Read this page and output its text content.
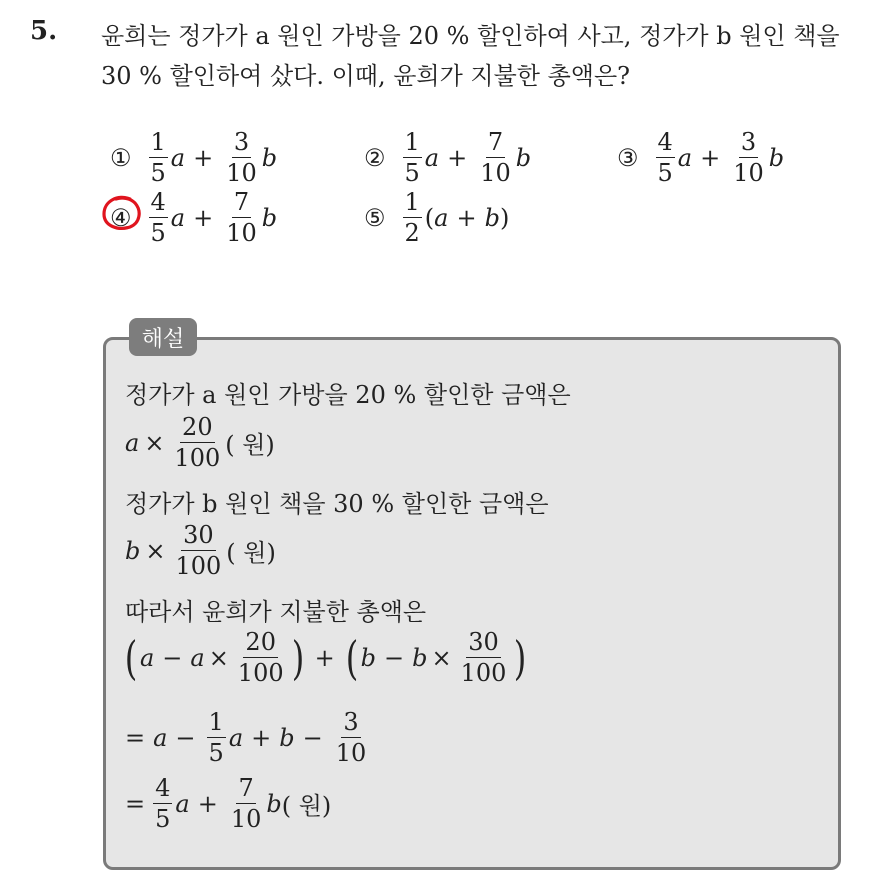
5. 윤희는 정가가 a 원인 가방을 20 % 할인하여 사고, 정가가 b 원인 책을
30 % 할인하여 샀다. 이때, 윤희가 지불한 총액은?
① $\frac{1}{5}$ $a + \frac{3}{10}$ b	② $\frac{1}{5}$ $a + \frac{7}{10}$ b	③ $\frac{4}{5}$ $a + \frac{3}{10}$ b
④ $\frac{4}{5}$ $a + \frac{7}{10}$ b	⑤ $\frac{1}{2} (a + b)$
해설
정가가 a 원인 가방을 20 % 할인한 금액은
$a \times \frac{20}{100}$ ( 원)
정가가 b 원인 책을 30 % 할인한 금액은
$b \times \frac{30}{100}$ ( 원)
따라서 윤희가 지불한 총액은
( $a - a \times \frac{20}{100}$ ) + ( $b - b \times \frac{30}{100}$ )
= $a - \frac{1}{5}$ $a + b - \frac{3}{10}$
= $\frac{4}{5}$ $a + \frac{7}{10}$ b ( 원)
